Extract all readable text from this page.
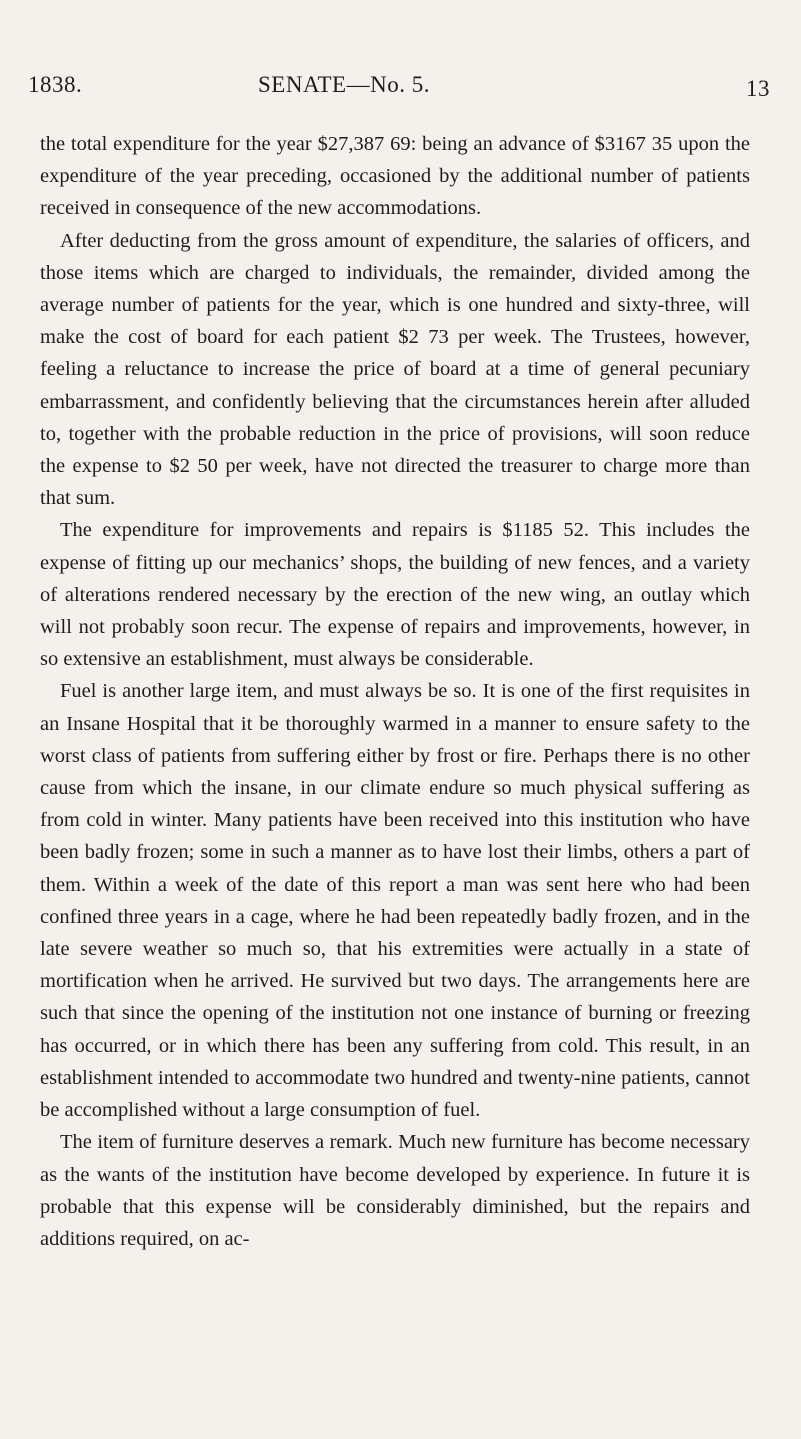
1838.	SENATE—No. 5.	13

the total expenditure for the year $27,387 69: being an advance of $3167 35 upon the expenditure of the year preceding, occasioned by the additional number of patients received in consequence of the new accommodations.

After deducting from the gross amount of expenditure, the salaries of officers, and those items which are charged to individuals, the remainder, divided among the average number of patients for the year, which is one hundred and sixty-three, will make the cost of board for each patient $2 73 per week. The Trustees, however, feeling a reluctance to increase the price of board at a time of general pecuniary embarrassment, and confidently believing that the circumstances herein after alluded to, together with the probable reduction in the price of provisions, will soon reduce the expense to $2 50 per week, have not directed the treasurer to charge more than that sum.

The expenditure for improvements and repairs is $1185 52. This includes the expense of fitting up our mechanics’ shops, the building of new fences, and a variety of alterations rendered necessary by the erection of the new wing, an outlay which will not probably soon recur. The expense of repairs and improvements, however, in so extensive an establishment, must always be considerable.

Fuel is another large item, and must always be so. It is one of the first requisites in an Insane Hospital that it be thoroughly warmed in a manner to ensure safety to the worst class of patients from suffering either by frost or fire. Perhaps there is no other cause from which the insane, in our climate endure so much physical suffering as from cold in winter. Many patients have been received into this institution who have been badly frozen; some in such a manner as to have lost their limbs, others a part of them. Within a week of the date of this report a man was sent here who had been confined three years in a cage, where he had been repeatedly badly frozen, and in the late severe weather so much so, that his extremities were actually in a state of mortification when he arrived. He survived but two days. The arrangements here are such that since the opening of the institution not one instance of burning or freezing has occurred, or in which there has been any suffering from cold. This result, in an establishment intended to accommodate two hundred and twenty-nine patients, cannot be accomplished without a large consumption of fuel.

The item of furniture deserves a remark. Much new furniture has become necessary as the wants of the institution have become developed by experience. In future it is probable that this expense will be considerably diminished, but the repairs and additions required, on ac-
